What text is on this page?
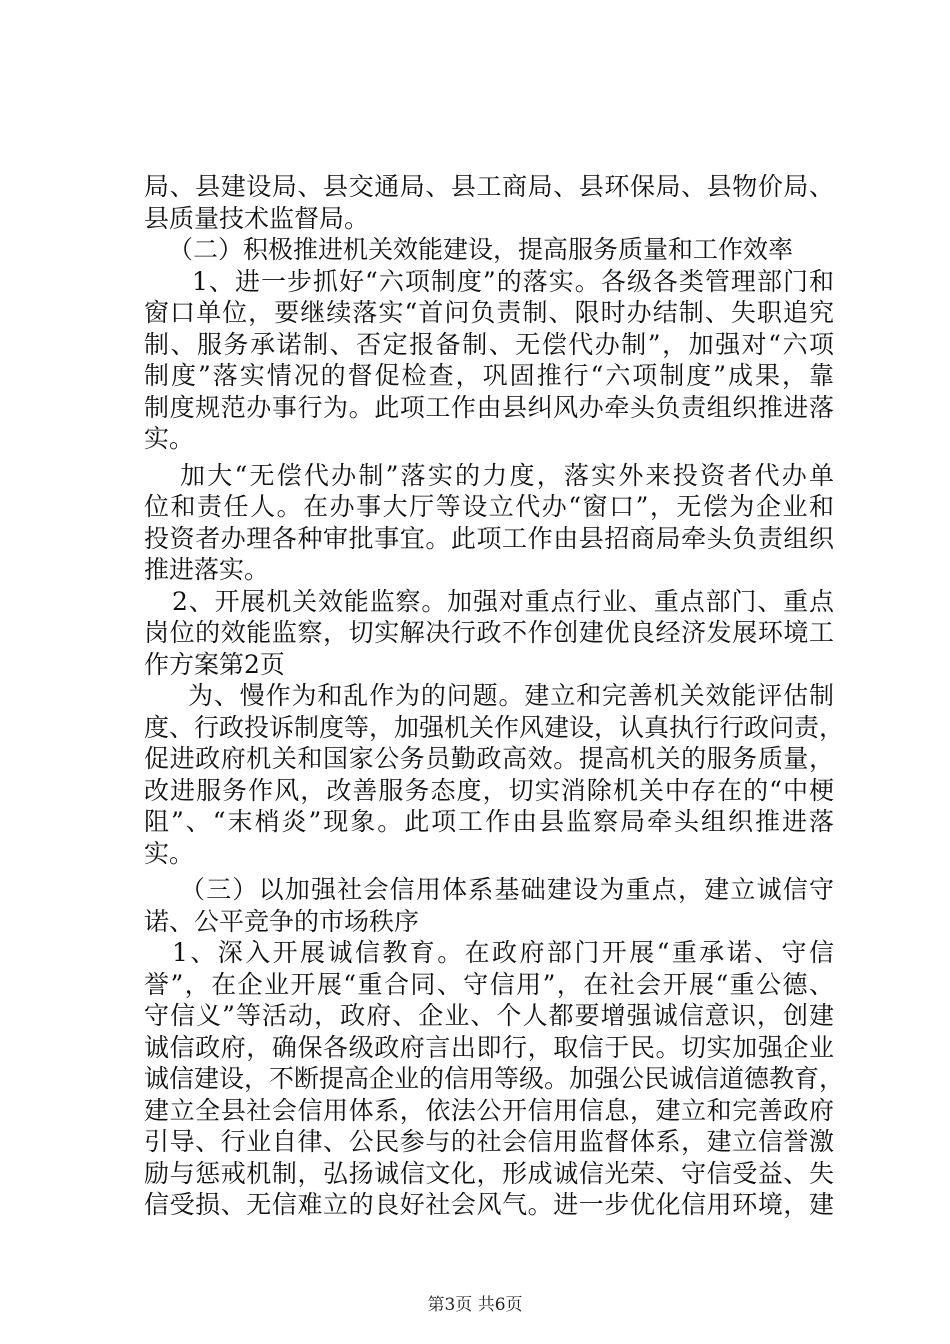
局、县建设局、县交通局、县工商局、县环保局、县物价局、
县质量技术监督局。
（二）积极推进机关效能建设，提高服务质量和工作效率
1、进一步抓好“六项制度”的落实。各级各类管理部门和
窗口单位，要继续落实“首问负责制、限时办结制、失职追究
制、服务承诺制、否定报备制、无偿代办制”，加强对“六项
制度”落实情况的督促检查，巩固推行“六项制度”成果，靠
制度规范办事行为。此项工作由县纠风办牵头负责组织推进落
实。
加大“无偿代办制”落实的力度，落实外来投资者代办单
位和责任人。在办事大厅等设立代办“窗口”，无偿为企业和
投资者办理各种审批事宜。此项工作由县招商局牵头负责组织
推进落实。
2、开展机关效能监察。加强对重点行业、重点部门、重点
岗位的效能监察，切实解决行政不作创建优良经济发展环境工
作方案第2页
为、慢作为和乱作为的问题。建立和完善机关效能评估制
度、行政投诉制度等，加强机关作风建设，认真执行行政问责，
促进政府机关和国家公务员勤政高效。提高机关的服务质量，
改进服务作风，改善服务态度，切实消除机关中存在的“中梗
阻”、“末梢炎”现象。此项工作由县监察局牵头组织推进落
实。
（三）以加强社会信用体系基础建设为重点，建立诚信守
诺、公平竞争的市场秩序
1、深入开展诚信教育。在政府部门开展“重承诺、守信
誉”，在企业开展“重合同、守信用”，在社会开展“重公德、
守信义”等活动，政府、企业、个人都要增强诚信意识，创建
诚信政府，确保各级政府言出即行，取信于民。切实加强企业
诚信建设，不断提高企业的信用等级。加强公民诚信道德教育，
建立全县社会信用体系，依法公开信用信息，建立和完善政府
引导、行业自律、公民参与的社会信用监督体系，建立信誉激
励与惩戒机制，弘扬诚信文化，形成诚信光荣、守信受益、失
信受损、无信难立的良好社会风气。进一步优化信用环境，建
第3页 共6页
